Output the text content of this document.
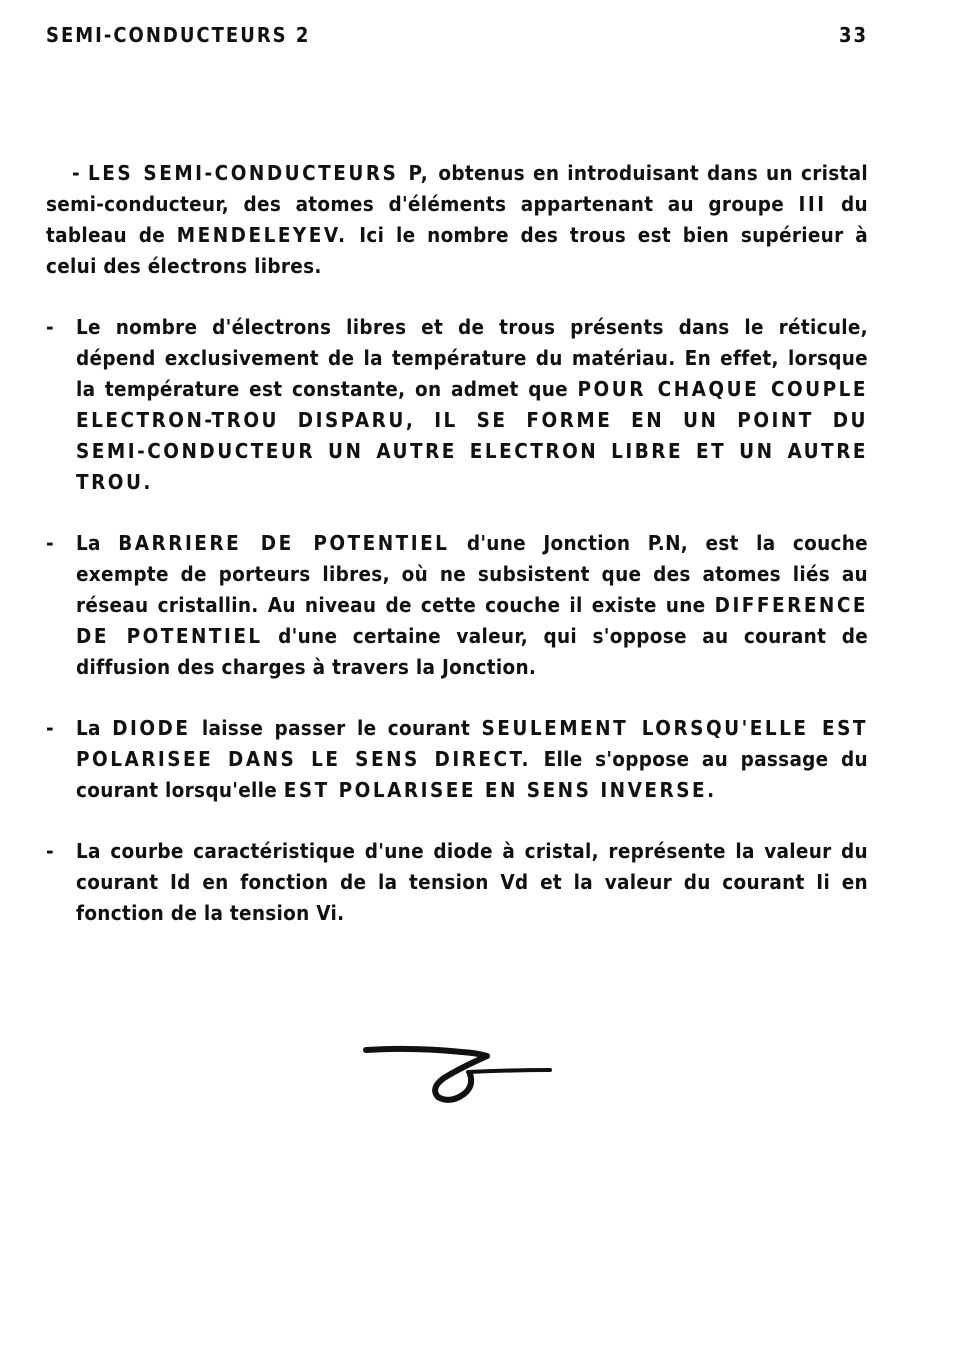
SEMI-CONDUCTEURS 2	33

- LES SEMI-CONDUCTEURS P, obtenus en introduisant dans un cristal semi-conducteur, des atomes d'éléments appartenant au groupe III du tableau de MENDELEYEV. Ici le nombre des trous est bien supérieur à celui des électrons libres.

-	Le nombre d'électrons libres et de trous présents dans le réticule, dépend exclusivement de la température du matériau. En effet, lorsque la température est constante, on admet que POUR CHAQUE COUPLE ELECTRON-TROU DISPARU, IL SE FORME EN UN POINT DU SEMI-CONDUCTEUR UN AUTRE ELECTRON LIBRE ET UN AUTRE TROU.
-	La BARRIERE DE POTENTIEL d'une Jonction P.N, est la couche exempte de porteurs libres, où ne subsistent que des atomes liés au réseau cristallin. Au niveau de cette couche il existe une DIFFERENCE DE POTENTIEL d'une certaine valeur, qui s'oppose au courant de diffusion des charges à travers la Jonction.
-	La DIODE laisse passer le courant SEULEMENT LORSQU'ELLE EST POLARISEE DANS LE SENS DIRECT. Elle s'oppose au passage du courant lorsqu'elle EST POLARISEE EN SENS INVERSE.
-	La courbe caractéristique d'une diode à cristal, représente la valeur du courant Id en fonction de la tension Vd et la valeur du courant Ii en fonction de la tension Vi.
